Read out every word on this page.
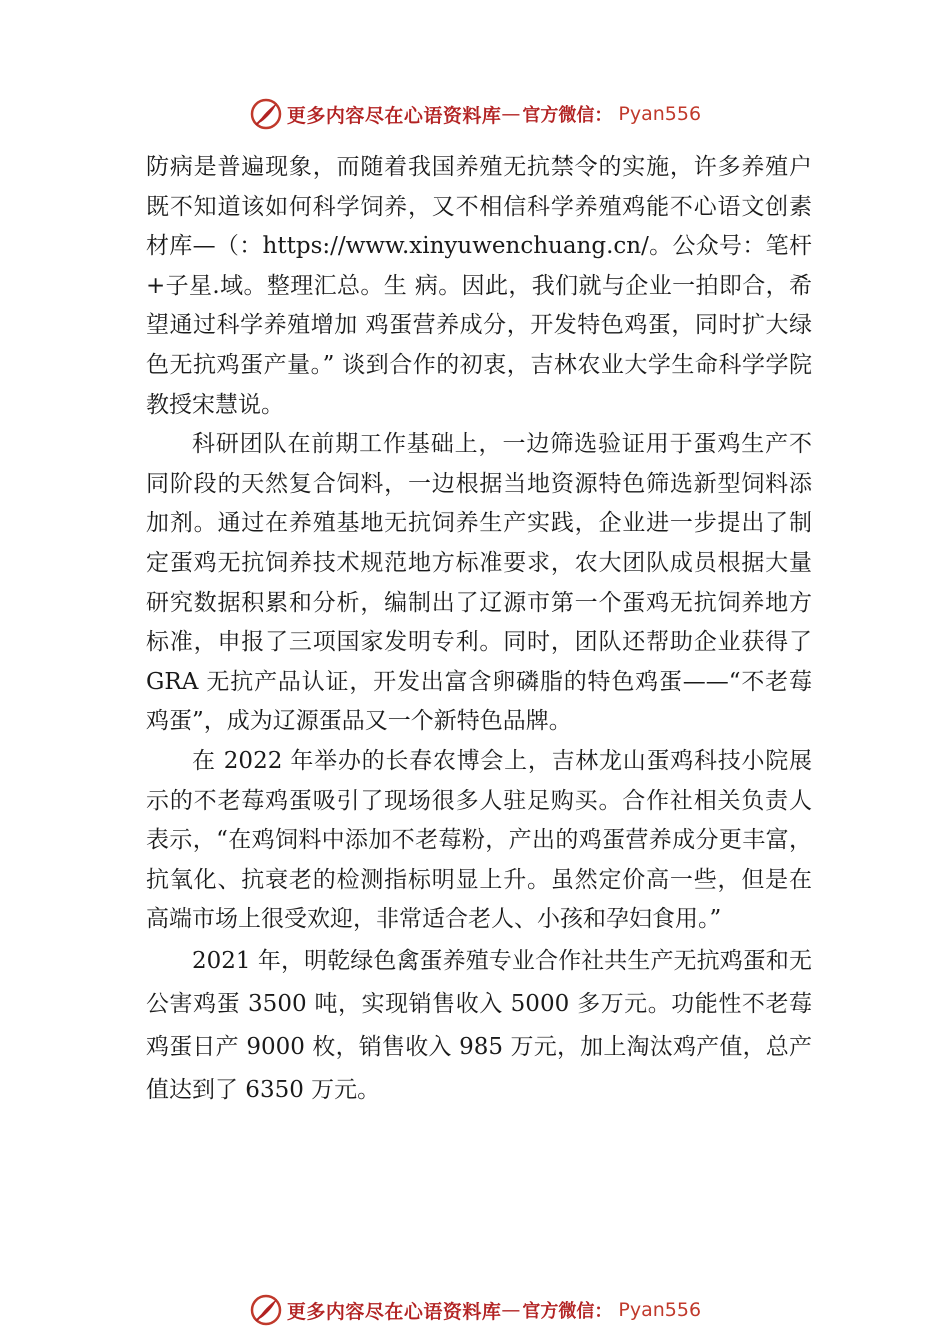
更多内容尽在心语资料库 — 官方微信： Pyan556

防病是普遍现象，而随着我国养殖无抗禁令的实施，许多养殖户既不知道该如何科学饲养，又不相信科学养殖鸡能不心语文创素材库—（：https://www.xinyuwenchuang.cn/。公众号：笔杆+子星.域。整理汇总。生 病。因此，我们就与企业一拍即合，希望通过科学养殖增加 鸡蛋营养成分，开发特色鸡蛋，同时扩大绿色无抗鸡蛋产量。” 谈到合作的初衷，吉林农业大学生命科学学院教授宋慧说。

科研团队在前期工作基础上，一边筛选验证用于蛋鸡生产不同阶段的天然复合饲料，一边根据当地资源特色筛选新型饲料添加剂。通过在养殖基地无抗饲养生产实践，企业进一步提出了制定蛋鸡无抗饲养技术规范地方标准要求，农大团队成员根据大量研究数据积累和分析，编制出了辽源市第一个蛋鸡无抗饲养地方标准，申报了三项国家发明专利。同时，团队还帮助企业获得了 GRA 无抗产品认证，开发出富含卵磷脂的特色鸡蛋——“不老莓鸡蛋”，成为辽源蛋品又一个新特色品牌。

在 2022 年举办的长春农博会上，吉林龙山蛋鸡科技小院展示的不老莓鸡蛋吸引了现场很多人驻足购买。合作社相关负责人表示，“在鸡饲料中添加不老莓粉，产出的鸡蛋营养成分更丰富，抗氧化、抗衰老的检测指标明显上升。虽然定价高一些，但是在高端市场上很受欢迎，非常适合老人、小孩和孕妇食用。”

2021 年，明乾绿色禽蛋养殖专业合作社共生产无抗鸡蛋和无公害鸡蛋 3500 吨，实现销售收入 5000 多万元。功能性不老莓鸡蛋日产 9000 枚，销售收入 985 万元，加上淘汰鸡产值，总产值达到了 6350 万元。

更多内容尽在心语资料库 — 官方微信： Pyan556
